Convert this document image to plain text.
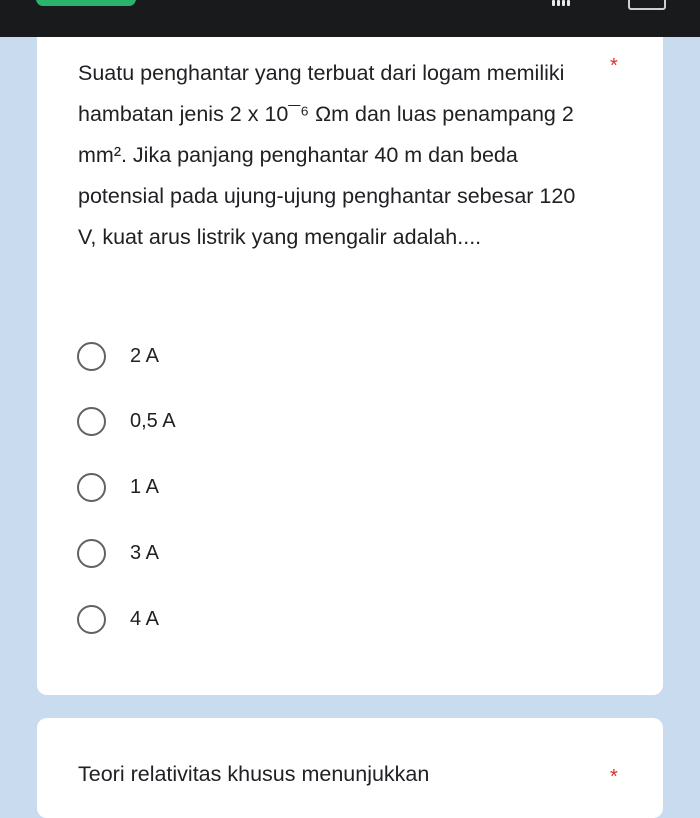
Suatu penghantar yang terbuat dari logam memiliki hambatan jenis 2 x 10¯⁶ Ωm dan luas penampang 2 mm². Jika panjang penghantar 40 m dan beda potensial pada ujung-ujung penghantar sebesar 120 V, kuat arus listrik yang mengalir adalah....

*
2 A
0,5 A
1 A
3 A
4 A

Teori relativitas khusus menunjukkan	*
